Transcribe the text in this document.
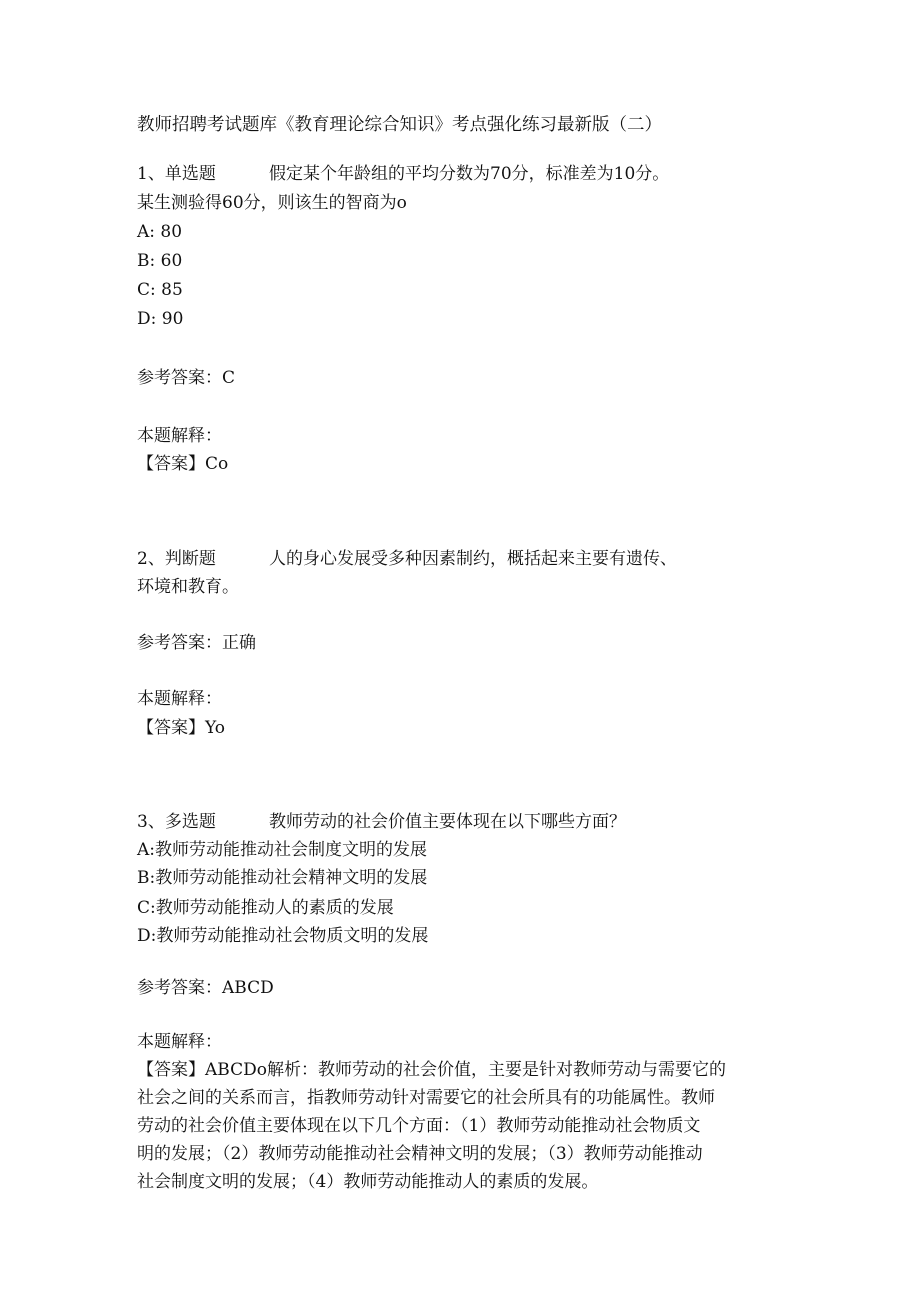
教师招聘考试题库《教育理论综合知识》考点强化练习最新版（二）
1、单选题	假定某个年龄组的平均分数为70分，标准差为10分。
某生测验得60分，则该生的智商为o
A: 80
B: 60
C: 85
D: 90
参考答案：C
本题解释：
【答案】Co
2、判断题	人的身心发展受多种因素制约，概括起来主要有遗传、
环境和教育。
参考答案：正确
本题解释：
【答案】Yo
3、多选题	教师劳动的社会价值主要体现在以下哪些方面？
A:教师劳动能推动社会制度文明的发展
B:教师劳动能推动社会精神文明的发展
C:教师劳动能推动人的素质的发展
D:教师劳动能推动社会物质文明的发展
参考答案：ABCD
本题解释：
【答案】ABCDo解析：教师劳动的社会价值，主要是针对教师劳动与需要它的
社会之间的关系而言，指教师劳动针对需要它的社会所具有的功能属性。教师
劳动的社会价值主要体现在以下几个方面：（1）教师劳动能推动社会物质文
明的发展；（2）教师劳动能推动社会精神文明的发展；（3）教师劳动能推动
社会制度文明的发展；（4）教师劳动能推动人的素质的发展。
